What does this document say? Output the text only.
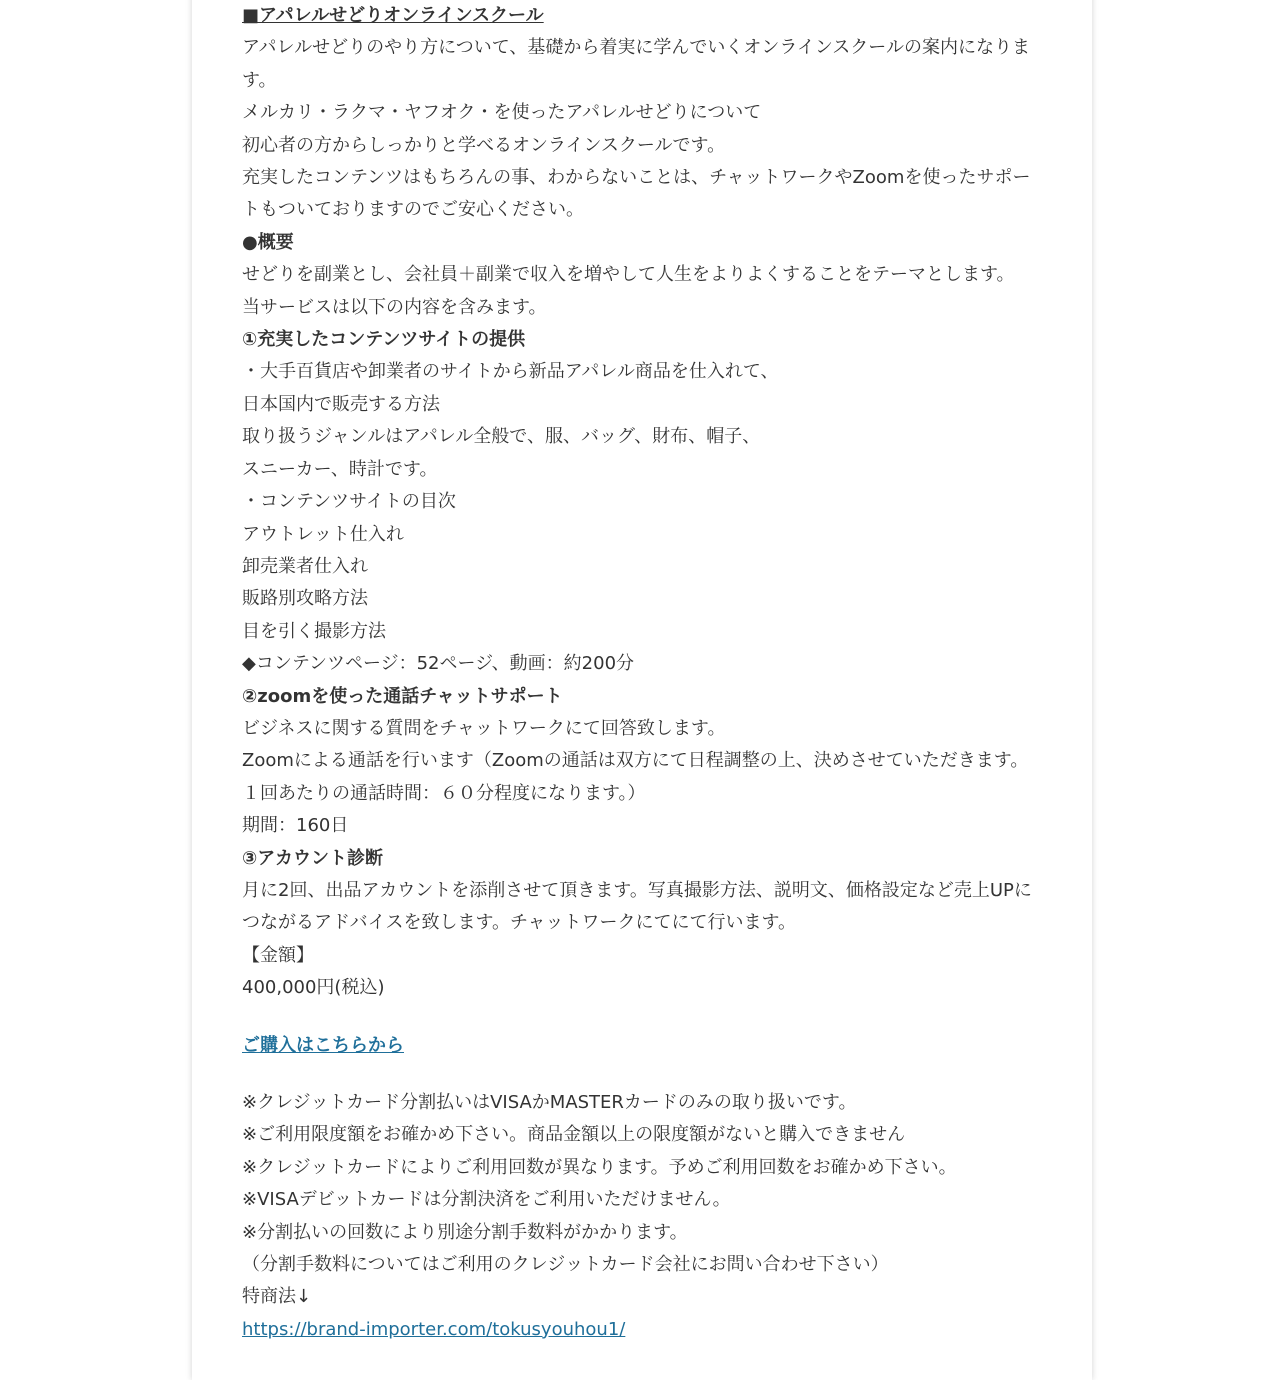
■アパレルせどりオンラインスクール

アパレルせどりのやり方について、基礎から着実に学んでいくオンラインスクールの案内になります。

メルカリ・ラクマ・ヤフオク・を使ったアパレルせどりについて

初心者の方からしっかりと学べるオンラインスクールです。

充実したコンテンツはもちろんの事、わからないことは、チャットワークやZoomを使ったサポートもついておりますのでご安心ください。

●概要

せどりを副業とし、会社員＋副業で収入を増やして人生をよりよくすることをテーマとします。

当サービスは以下の内容を含みます。

①充実したコンテンツサイトの提供

・大手百貨店や卸業者のサイトから新品アパレル商品を仕入れて、

日本国内で販売する方法

取り扱うジャンルはアパレル全般で、服、バッグ、財布、帽子、

スニーカー、時計です。

・コンテンツサイトの目次

アウトレット仕入れ

卸売業者仕入れ

販路別攻略方法

目を引く撮影方法

◆コンテンツページ：52ページ、動画：約200分

②zoomを使った通話チャットサポート

ビジネスに関する質問をチャットワークにて回答致します。

Zoomによる通話を行います（Zoomの通話は双方にて日程調整の上、決めさせていただきます。

１回あたりの通話時間：６０分程度になります。）

期間：160日

③アカウント診断

月に2回、出品アカウントを添削させて頂きます。写真撮影方法、説明文、価格設定など売上UPにつながるアドバイスを致します。チャットワークにてにて行います。

【金額】

400,000円(税込)

ご購入はこちらから

※クレジットカード分割払いはVISAかMASTERカードのみの取り扱いです。

※ご利用限度額をお確かめ下さい。商品金額以上の限度額がないと購入できません

※クレジットカードによりご利用回数が異なります。予めご利用回数をお確かめ下さい。

※VISAデビットカードは分割決済をご利用いただけません。

※分割払いの回数により別途分割手数料がかかります。

（分割手数料についてはご利用のクレジットカード会社にお問い合わせ下さい）

特商法↓

https://brand-importer.com/tokusyouhou1/
